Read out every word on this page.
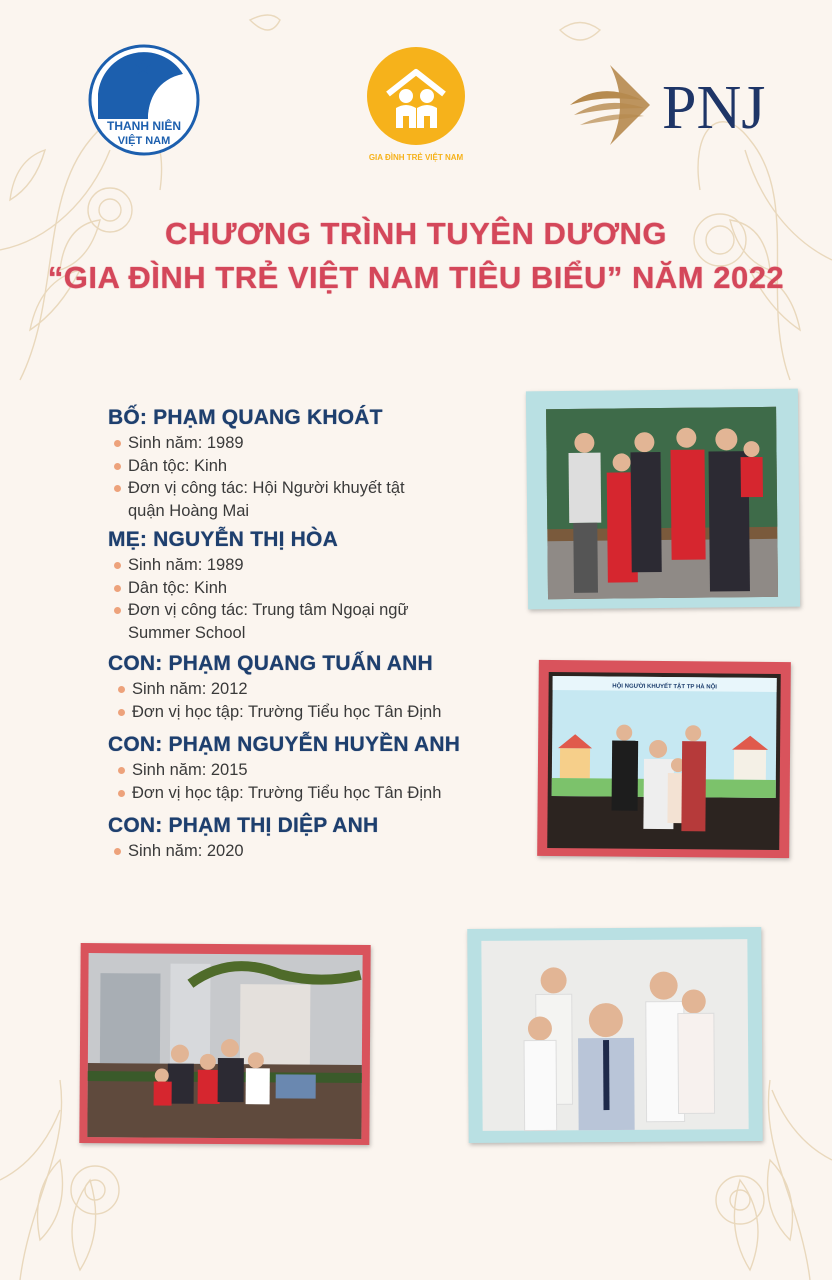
THANH NIÊN
VIỆT NAM
GIA ĐÌNH TRẺ VIỆT NAM
PNJ
CHƯƠNG TRÌNH TUYÊN DƯƠNG
“GIA ĐÌNH TRẺ VIỆT NAM TIÊU BIỂU” NĂM 2022
BỐ: PHẠM QUANG KHOÁT
Sinh năm: 1989
Dân tộc: Kinh
Đơn vị công tác: Hội Người khuyết tật quận Hoàng Mai
MẸ: NGUYỄN THỊ HÒA
Sinh năm: 1989
Dân tộc: Kinh
Đơn vị công tác: Trung tâm Ngoại ngữ Summer School
CON: PHẠM QUANG TUẤN ANH
Sinh năm: 2012
Đơn vị học tập: Trường Tiểu học Tân Định
CON: PHẠM NGUYỄN HUYỀN ANH
Sinh năm: 2015
Đơn vị học tập: Trường Tiểu học Tân Định
CON: PHẠM THỊ DIỆP ANH
Sinh năm: 2020
HỘI NGƯỜI KHUYẾT TẬT TP HÀ NỘI
